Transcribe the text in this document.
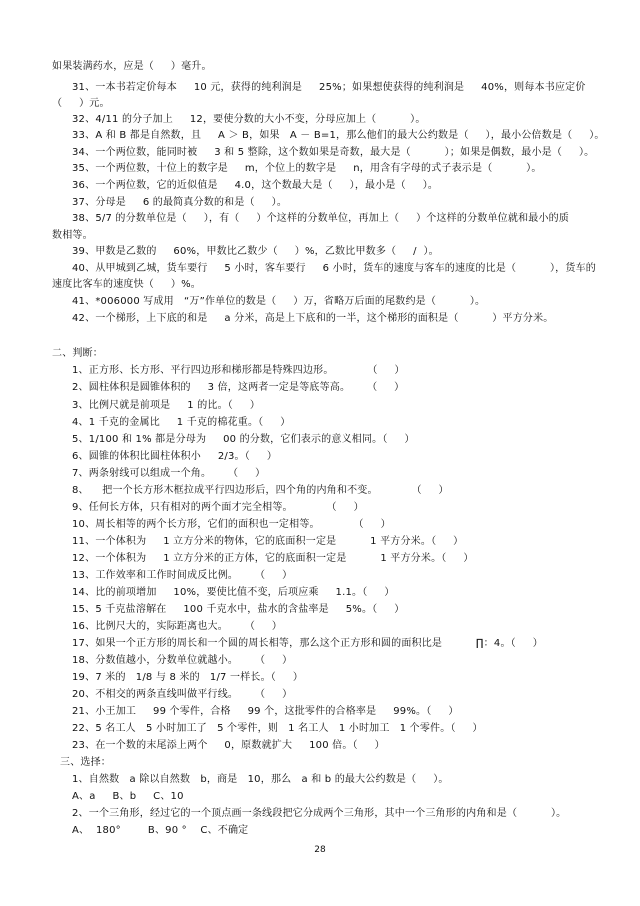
如果装满药水，应是（     ）毫升。
31、一本书若定价每本     10 元，获得的纯利润是     25%；如果想使获得的纯利润是     40%，则每本书应定价
（     ）元。
32、4/11 的分子加上     12，要使分数的大小不变，分母应加上（          ）。
33、A 和 B 都是自然数，且     A ＞ B，如果   A － B=1，那么他们的最大公约数是（     ），最小公倍数是（     ）。
34、一个两位数，能同时被     3 和 5 整除，这个数如果是奇数，最大是（          ）；如果是偶数，最小是（     ）。
35、一个两位数，十位上的数字是     m，个位上的数字是     n，用含有字母的式子表示是（          ）。
36、一个两位数，它的近似值是     4.0，这个数最大是（     ），最小是（     ）。
37、分母是     6 的最简真分数的和是（     ）。
38、5/7 的分数单位是（     ），有（     ）个这样的分数单位，再加上（     ）个这样的分数单位就和最小的质
数相等。
39、甲数是乙数的     60%，甲数比乙数少（     ）%，乙数比甲数多（     /  ）。
40、从甲城到乙城，货车要行     5 小时，客车要行     6 小时，货车的速度与客车的速度的比是（          ），货车的
速度比客车的速度快（     ）%。
41、*006000 写成用   “万”作单位的数是（     ）万，省略万后面的尾数约是（          ）。
42、一个梯形，上下底的和是     a 分米，高是上下底和的一半，这个梯形的面积是（          ）平方分米。
二、判断：
1、正方形、长方形、平行四边形和梯形都是特殊四边形。          （     ）
2、圆柱体积是圆锥体积的     3 倍，这两者一定是等底等高。     （     ）
3、比例尺就是前项是     1 的比。（     ）
4、1 千克的金属比     1 千克的棉花重。（     ）
5、1/100 和 1% 都是分母为     00 的分数，它们表示的意义相同。（     ）
6、圆锥的体积比圆柱体积小     2/3。（     ）
7、两条射线可以组成一个角。     （     ）
8、    把一个长方形木框拉成平行四边形后，四个角的内角和不变。          （     ）
9、任何长方体，只有相对的两个面才完全相等。          （     ）
10、周长相等的两个长方形，它们的面积也一定相等。          （     ）
11、一个体积为     1 立方分米的物体，它的底面积一定是          1 平方分米。（     ）
12、一个体积为     1 立方分米的正方体，它的底面积一定是          1 平方分米。（     ）
13、工作效率和工作时间成反比例。     （     ）
14、比的前项增加     10%，要使比值不变，后项应乘     1.1。（     ）
15、5 千克盐溶解在     100 千克水中，盐水的含盐率是     5%。（     ）
16、比例尺大的，实际距离也大。     （     ）
17、如果一个正方形的周长和一个圆的周长相等，那么这个正方形和圆的面积比是          ∏：4。（     ）
18、分数值越小，分数单位就越小。     （     ）
19、7 米的   1/8 与 8 米的   1/7 一样长。（     ）
20、不相交的两条直线叫做平行线。     （     ）
21、小王加工     99 个零件，合格     99 个，这批零件的合格率是     99%。（     ）
22、5 名工人   5 小时加工了   5 个零件，则   1 名工人   1 小时加工   1 个零件。（     ）
23、在一个数的末尾添上两个     0，原数就扩大     100 倍。（     ）
三、选择：
1、自然数   a 除以自然数   b，商是   10，那么   a 和 b 的最大公约数是（     ）。
A、a     B、b     C、10
2、一个三角形，经过它的一个顶点画一条线段把它分成两个三角形，其中一个三角形的内角和是（          ）。
A、  180°        B、90 °    C、不确定
28
